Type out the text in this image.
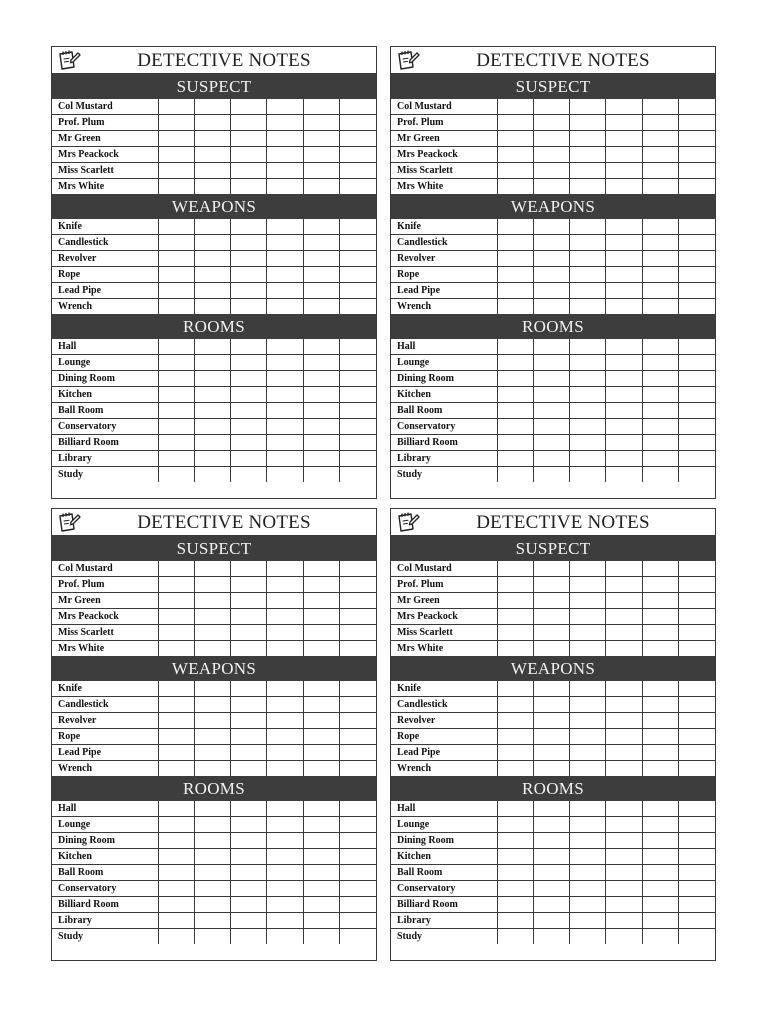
DETECTIVE NOTES
SUSPECT
Col Mustard						
Prof. Plum						
Mr Green						
Mrs Peackock						
Miss Scarlett						
Mrs White						
WEAPONS
Knife						
Candlestick						
Revolver						
Rope						
Lead Pipe						
Wrench						
ROOMS
Hall						
Lounge						
Dining Room						
Kitchen						
Ball Room						
Conservatory						
Billiard Room						
Library						
Study						
DETECTIVE NOTES
SUSPECT
Col Mustard						
Prof. Plum						
Mr Green						
Mrs Peackock						
Miss Scarlett						
Mrs White						
WEAPONS
Knife						
Candlestick						
Revolver						
Rope						
Lead Pipe						
Wrench						
ROOMS
Hall						
Lounge						
Dining Room						
Kitchen						
Ball Room						
Conservatory						
Billiard Room						
Library						
Study						
DETECTIVE NOTES
SUSPECT
Col Mustard						
Prof. Plum						
Mr Green						
Mrs Peackock						
Miss Scarlett						
Mrs White						
WEAPONS
Knife						
Candlestick						
Revolver						
Rope						
Lead Pipe						
Wrench						
ROOMS
Hall						
Lounge						
Dining Room						
Kitchen						
Ball Room						
Conservatory						
Billiard Room						
Library						
Study						
DETECTIVE NOTES
SUSPECT
Col Mustard						
Prof. Plum						
Mr Green						
Mrs Peackock						
Miss Scarlett						
Mrs White						
WEAPONS
Knife						
Candlestick						
Revolver						
Rope						
Lead Pipe						
Wrench						
ROOMS
Hall						
Lounge						
Dining Room						
Kitchen						
Ball Room						
Conservatory						
Billiard Room						
Library						
Study						
